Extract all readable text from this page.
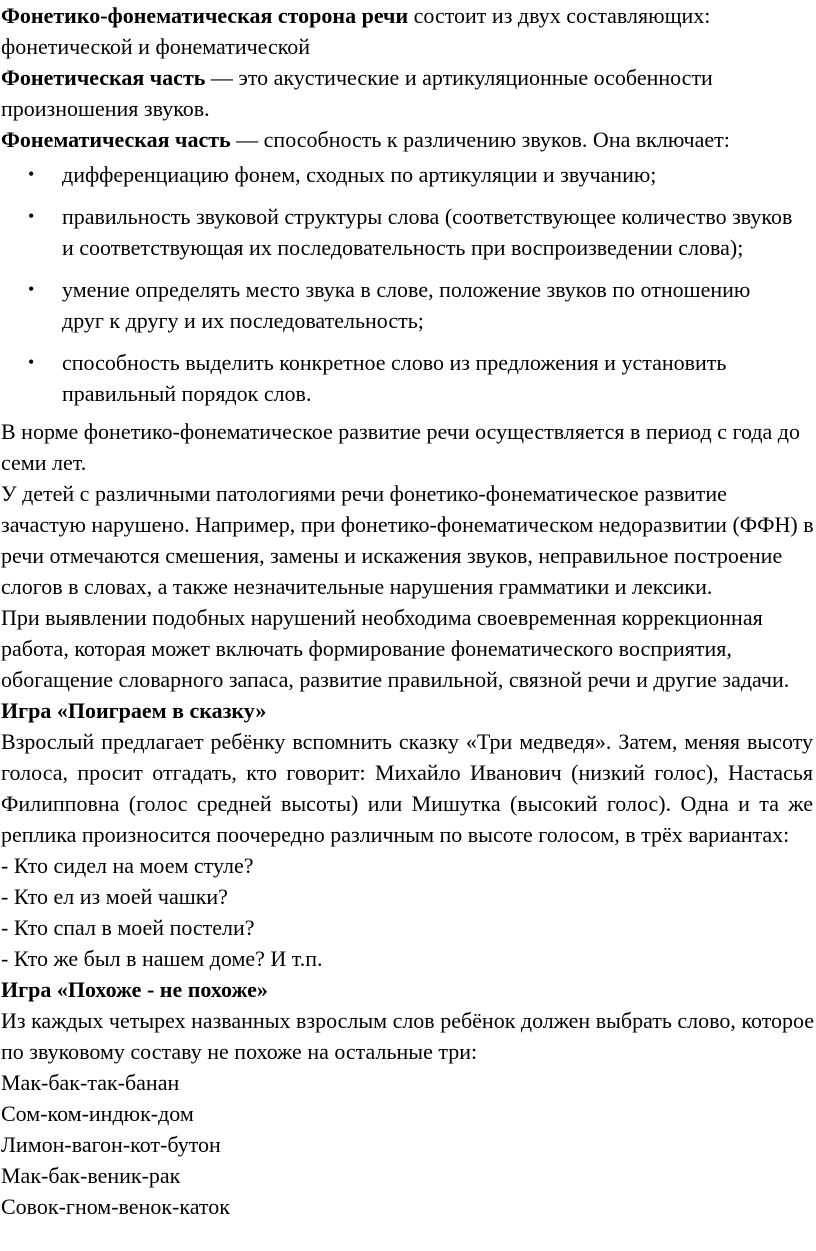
Фонетико-фонематическая сторона речи состоит из двух составляющих: фонетической и фонематической

Фонетическая часть — это акустические и артикуляционные особенности произношения звуков.

Фонематическая часть — способность к различению звуков. Она включает:

• дифференциацию фонем, сходных по артикуляции и звучанию;
• правильность звуковой структуры слова (соответствующее количество звуков и соответствующая их последовательность при воспроизведении слова);
• умение определять место звука в слове, положение звуков по отношению друг к другу и их последовательность;
• способность выделить конкретное слово из предложения и установить правильный порядок слов.

В норме фонетико-фонематическое развитие речи осуществляется в период с года до семи лет.

У детей с различными патологиями речи фонетико-фонематическое развитие зачастую нарушено. Например, при фонетико-фонематическом недоразвитии (ФФН) в речи отмечаются смешения, замены и искажения звуков, неправильное построение слогов в словах, а также незначительные нарушения грамматики и лексики.

При выявлении подобных нарушений необходима своевременная коррекционная работа, которая может включать формирование фонематического восприятия, обогащение словарного запаса, развитие правильной, связной речи и другие задачи.

Игра «Поиграем в сказку»

Взрослый предлагает ребёнку вспомнить сказку «Три медведя». Затем, меняя высоту голоса, просит отгадать, кто говорит: Михайло Иванович (низкий голос), Настасья Филипповна (голос средней высоты) или Мишутка (высокий голос). Одна и та же реплика произносится поочередно различным по высоте голосом, в трёх вариантах:

- Кто сидел на моем стуле?

- Кто ел из моей чашки?

- Кто спал в моей постели?

- Кто же был в нашем доме? И т.п.

Игра «Похоже - не похоже»

Из каждых четырех названных взрослым слов ребёнок должен выбрать слово, которое по звуковому составу не похоже на остальные три:

Мак-бак-так-банан

Сом-ком-индюк-дом

Лимон-вагон-кот-бутон

Мак-бак-веник-рак

Совок-гном-венок-каток
